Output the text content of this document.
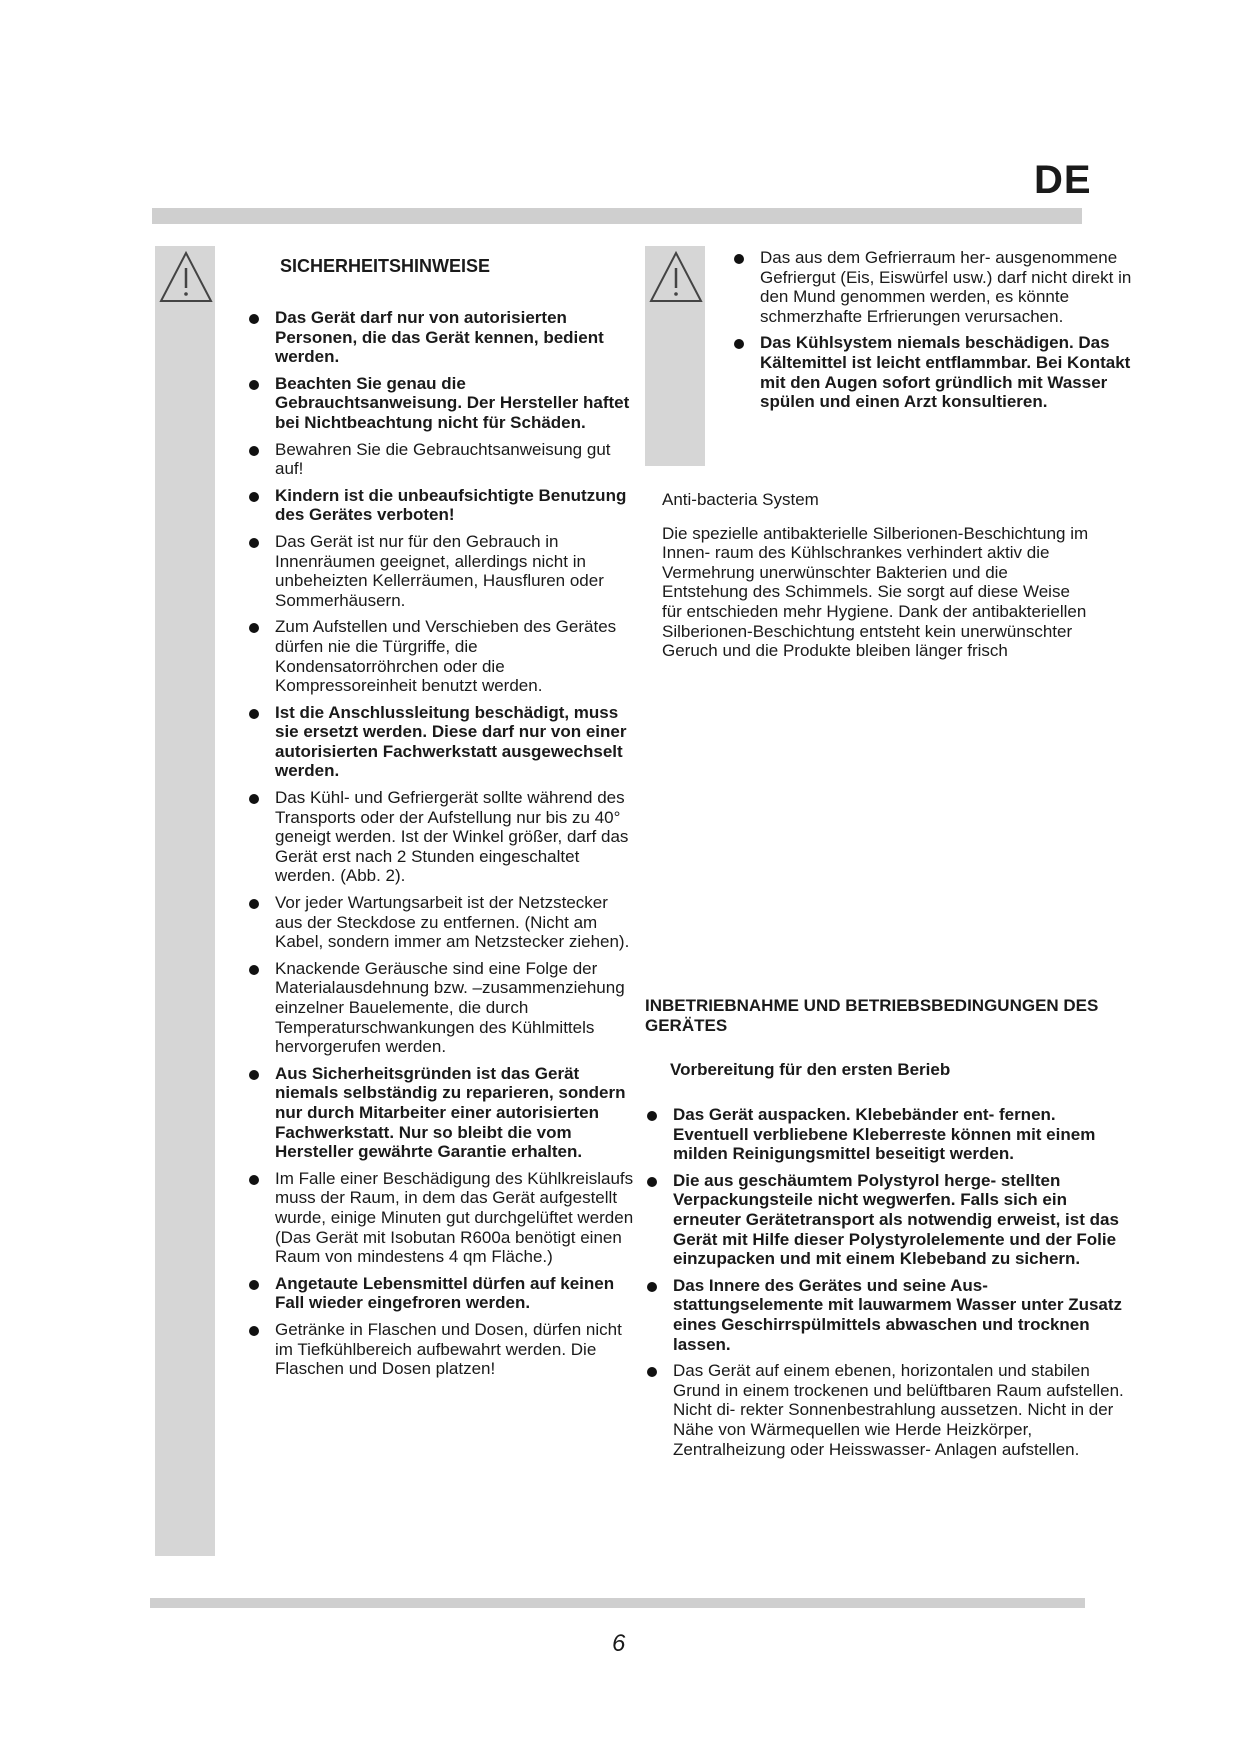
DE
SICHERHEITSHINWEISE
Das Gerät darf nur von autorisierten Personen, die das Gerät kennen, bedient werden.
Beachten Sie genau die Gebrauchtsanweisung. Der Hersteller haftet bei Nichtbeachtung nicht für Schäden.
Bewahren Sie die Gebrauchtsanweisung gut auf!
Kindern ist die unbeaufsichtigte Benutzung des Gerätes verboten!
Das Gerät ist nur für den Gebrauch in Innenräumen geeignet, allerdings nicht in unbeheizten Kellerräumen, Hausfluren oder Sommerhäusern.
Zum Aufstellen und Verschieben des Gerätes dürfen nie die Türgriffe, die Kondensatorröhrchen oder die Kompressoreinheit benutzt werden.
Ist die Anschlussleitung beschädigt, muss sie ersetzt werden. Diese darf nur von einer autorisierten Fachwerkstatt ausgewechselt werden.
Das Kühl- und Gefriergerät sollte während des Transports oder der Aufstellung nur bis zu 40° geneigt werden. Ist der Winkel größer, darf das Gerät erst nach 2 Stunden eingeschaltet werden. (Abb. 2).
Vor jeder Wartungsarbeit ist der Netzstecker aus der Steckdose zu entfernen. (Nicht am Kabel, sondern immer am Netzstecker ziehen).
Knackende Geräusche sind eine Folge der Materialausdehnung bzw. –zusammenziehung einzelner Bauelemente, die durch Temperaturschwankungen des Kühlmittels hervorgerufen werden.
Aus Sicherheitsgründen ist das Gerät niemals selbständig zu reparieren, sondern nur durch Mitarbeiter einer autorisierten Fachwerkstatt. Nur so bleibt die vom Hersteller gewährte Garantie erhalten.
Im Falle einer Beschädigung des Kühlkreislaufs muss der Raum, in dem das Gerät aufgestellt wurde, einige Minuten gut durchgelüftet werden (Das Gerät mit Isobutan R600a benötigt einen Raum von mindestens 4 qm Fläche.)
Angetaute Lebensmittel dürfen auf keinen Fall wieder eingefroren werden.
Getränke in Flaschen und Dosen, dürfen nicht im Tiefkühlbereich aufbewahrt werden. Die Flaschen und Dosen platzen!
Das aus dem Gefrierraum her- ausgenommene Gefriergut (Eis, Eiswürfel usw.) darf nicht direkt in den Mund genommen werden, es könnte schmerzhafte Erfrierungen verursachen.
Das Kühlsystem niemals beschädigen. Das Kältemittel ist leicht entflammbar. Bei Kontakt mit den Augen sofort gründlich mit Wasser spülen und einen Arzt konsultieren.

Anti-bacteria System

Die spezielle antibakterielle Silberionen-Beschichtung im Innen- raum des Kühlschrankes verhindert aktiv die Vermehrung unerwünschter Bakterien und die Entstehung des Schimmels. Sie sorgt auf diese Weise für entschieden mehr Hygiene. Dank der antibakteriellen Silberionen-Beschichtung entsteht kein unerwünschter Geruch und die Produkte bleiben länger frisch

INBETRIEBNAHME UND BETRIEBSBEDINGUNGEN DES GERÄTES
Vorbereitung für den ersten Berieb
Das Gerät auspacken. Klebebänder ent- fernen. Eventuell verbliebene Kleberreste können mit einem milden Reinigungsmittel beseitigt werden.
Die aus geschäumtem Polystyrol herge- stellten Verpackungsteile nicht wegwerfen. Falls sich ein erneuter Gerätetransport als notwendig erweist, ist das Gerät mit Hilfe dieser Polystyrolelemente und der Folie einzupacken und mit einem Klebeband zu sichern.
Das Innere des Gerätes und seine Aus- stattungselemente mit lauwarmem Wasser unter Zusatz eines Geschirrspülmittels abwaschen und trocknen lassen.
Das Gerät auf einem ebenen, horizontalen und stabilen Grund in einem trockenen und belüftbaren Raum aufstellen. Nicht di- rekter Sonnenbestrahlung aussetzen. Nicht in der Nähe von Wärmequellen wie Herde Heizkörper, Zentralheizung oder Heisswasser- Anlagen aufstellen.
6
